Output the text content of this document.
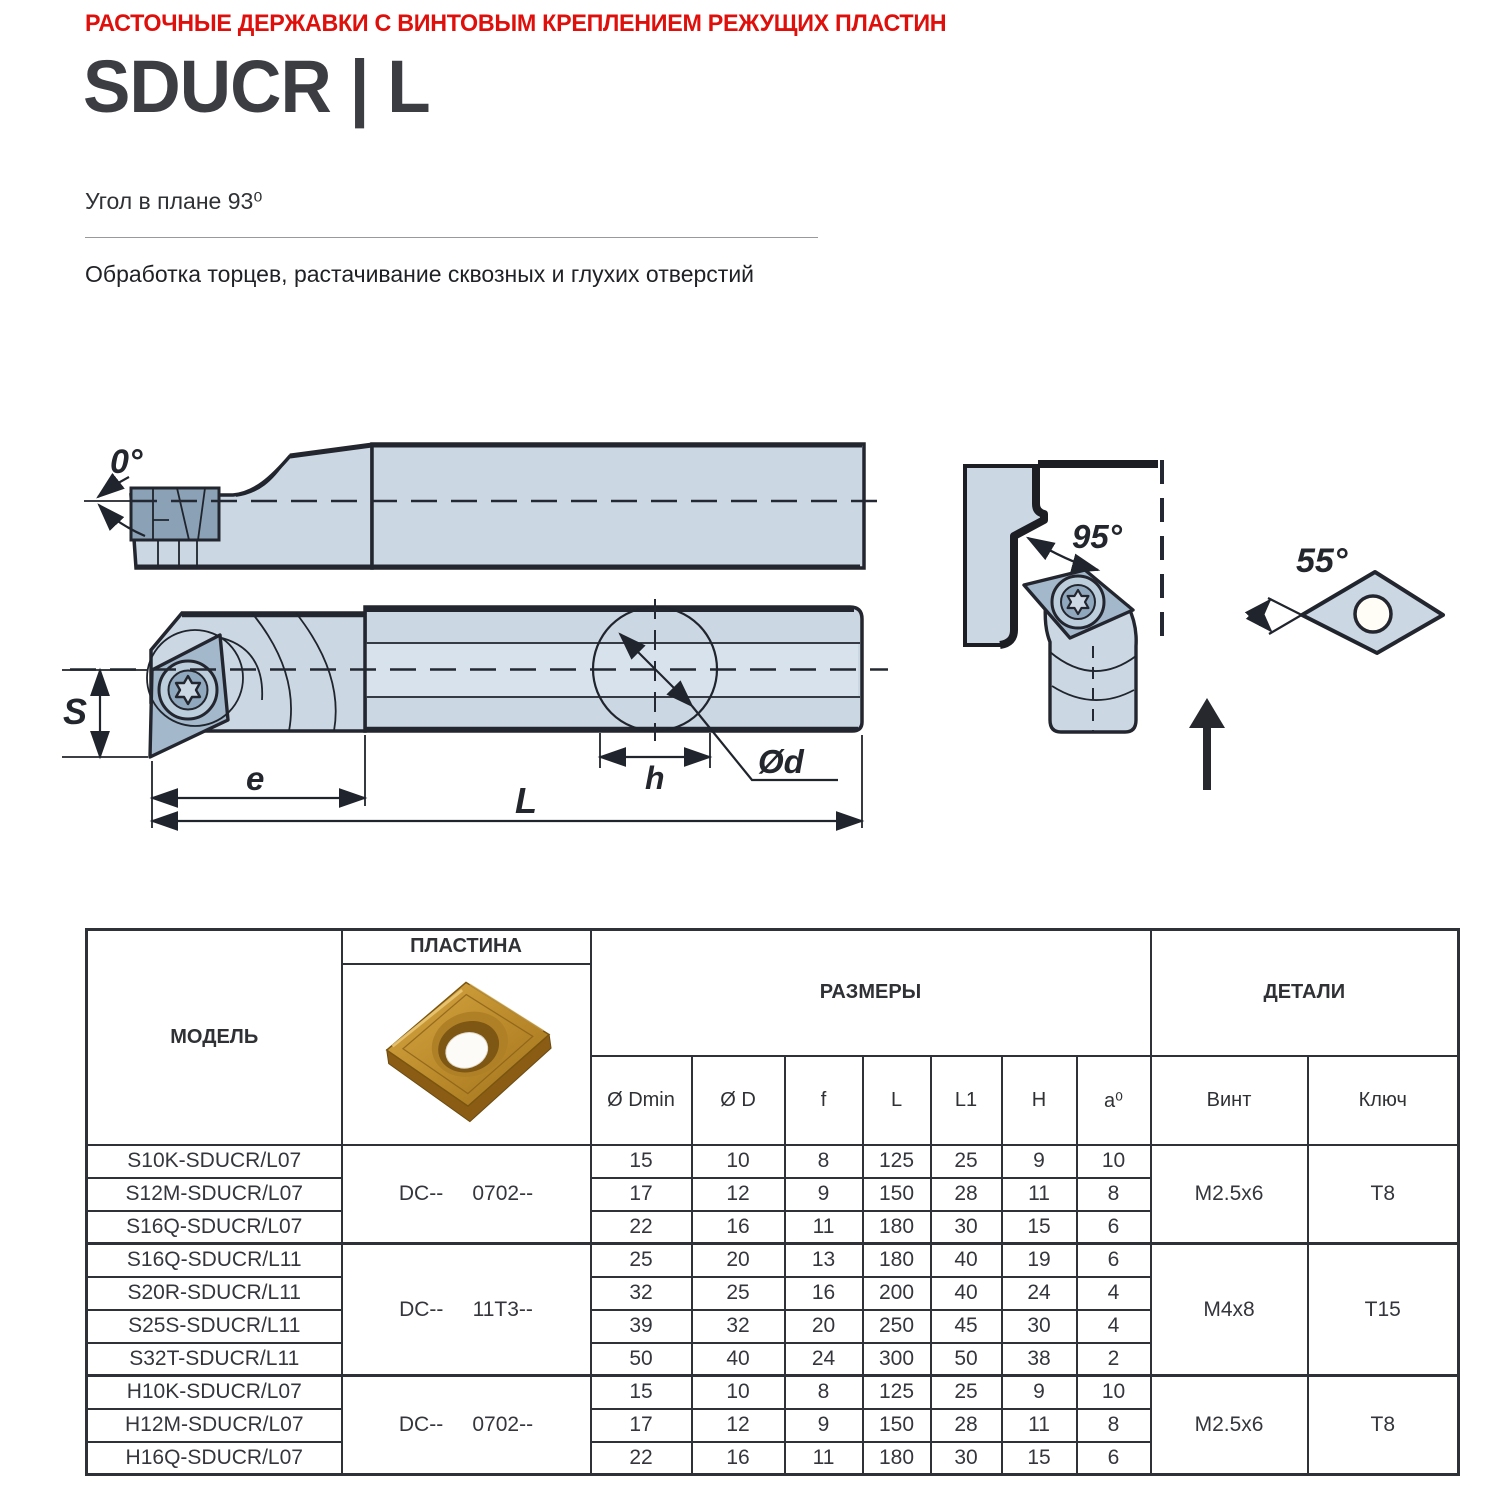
РАСТОЧНЫЕ ДЕРЖАВКИ С ВИНТОВЫМ КРЕПЛЕНИЕМ РЕЖУЩИХ ПЛАСТИН
SDUCR | L
Угол в плане 93⁰
Обработка торцев, растачивание сквозных и глухих отверстий
0°
Ød
h
S
e
L
95°
55°
МОДЕЛЬ	ПЛАСТИНА	РАЗМЕРЫ							ДЕТАЛИ	

		Ø Dmin	Ø D	f	L	L1	H	a⁰	Винт	Ключ
S10K-SDUCR/L07	DC--     0702--	15	10	8	125	25	9	10	M2.5x6	T8
S12M-SDUCR/L07		17	12	9	150	28	11	8		
S16Q-SDUCR/L07		22	16	11	180	30	15	6		
S16Q-SDUCR/L11	DC--     11T3--	25	20	13	180	40	19	6	M4x8	T15
S20R-SDUCR/L11		32	25	16	200	40	24	4		
S25S-SDUCR/L11		39	32	20	250	45	30	4		
S32T-SDUCR/L11		50	40	24	300	50	38	2		
H10K-SDUCR/L07	DC--     0702--	15	10	8	125	25	9	10	M2.5x6	T8
H12M-SDUCR/L07		17	12	9	150	28	11	8		
H16Q-SDUCR/L07		22	16	11	180	30	15	6		
